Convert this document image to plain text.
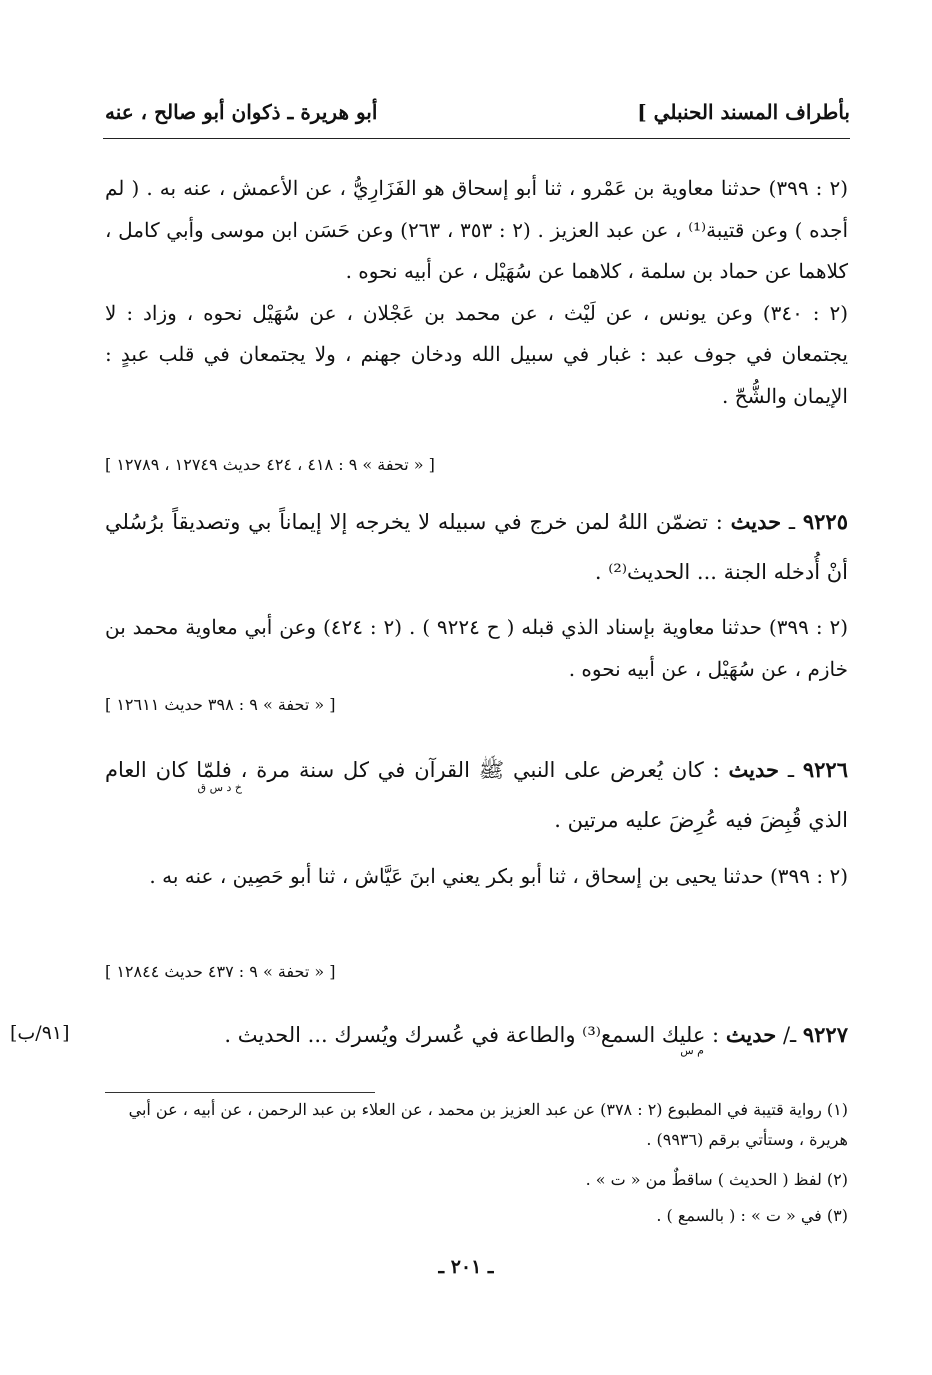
بأطراف المسند الحنبلي ]
أبو هريرة ـ ذكوان أبو صالح ، عنه
(٢ : ٣٩٩) حدثنا معاوية بن عَمْرو ، ثنا أبو إسحاق هو الفَزَارِيُّ ، عن الأعمش ، عنه به . ( لم أجده ) وعن قتيبة⁽¹⁾ ، عن عبد العزيز . (٢ : ٣٥٣ ، ٢٦٣) وعن حَسَن ابن موسى وأبي كامل ، كلاهما عن حماد بن سلمة ، كلاهما عن سُهَيْل ، عن أبيه نحوه .
(٢ : ٣٤٠) وعن يونس ، عن لَيْث ، عن محمد بن عَجْلان ، عن سُهَيْل نحوه ، وزاد : لا يجتمعان في جوف عبد : غبار في سبيل الله ودخان جهنم ، ولا يجتمعان في قلب عبدٍ : الإيمان والشُّحّ .
[ « تحفة » ٩ : ٤١٨ ، ٤٢٤ حديث ١٢٧٤٩ ، ١٢٧٨٩ ]
٩٢٢٥ ـ حديث : تضمّن اللهُ لمن خرج في سبيله لا يخرجه إلا إيماناً بي وتصديقاً برُسُلي أنْ أُدخله الجنة ... الحديث⁽²⁾ .
(٢ : ٣٩٩) حدثنا معاوية بإسناد الذي قبله ( ح ٩٢٢٤ ) . (٢ : ٤٢٤) وعن أبي معاوية محمد بن خازم ، عن سُهَيْل ، عن أبيه نحوه .
[ « تحفة » ٩ : ٣٩٨ حديث ١٢٦١١ ]
٩٢٢٦ ـ حديث : كان يُعرض على النبي ﷺ القرآن في كل سنة مرة ، فلمّا كان العام الذي قُبِضَ فيه عُرِضَ عليه مرتين .
خ د س ق
(٢ : ٣٩٩) حدثنا يحيى بن إسحاق ، ثنا أبو بكر يعني ابنَ عَيَّاش ، ثنا أبو حَصِين ، عنه به .
[ « تحفة » ٩ : ٤٣٧ حديث ١٢٨٤٤ ]
٩٢٢٧ ـ/ حديث : عليك السمع⁽³⁾ والطاعة في عُسرك ويُسرك ... الحديث .
م س
[٩١/ب]
(١) رواية قتيبة في المطبوع (٢ : ٣٧٨) عن عبد العزيز بن محمد ، عن العلاء بن عبد الرحمن ، عن أبيه ، عن أبي هريرة ، وستأتي برقم (٩٩٣٦) .
(٢) لفظ ( الحديث ) ساقطٌ من « ت » .
(٣) في « ت » : ( بالسمع ) .
ـ ٢٠١ ـ
